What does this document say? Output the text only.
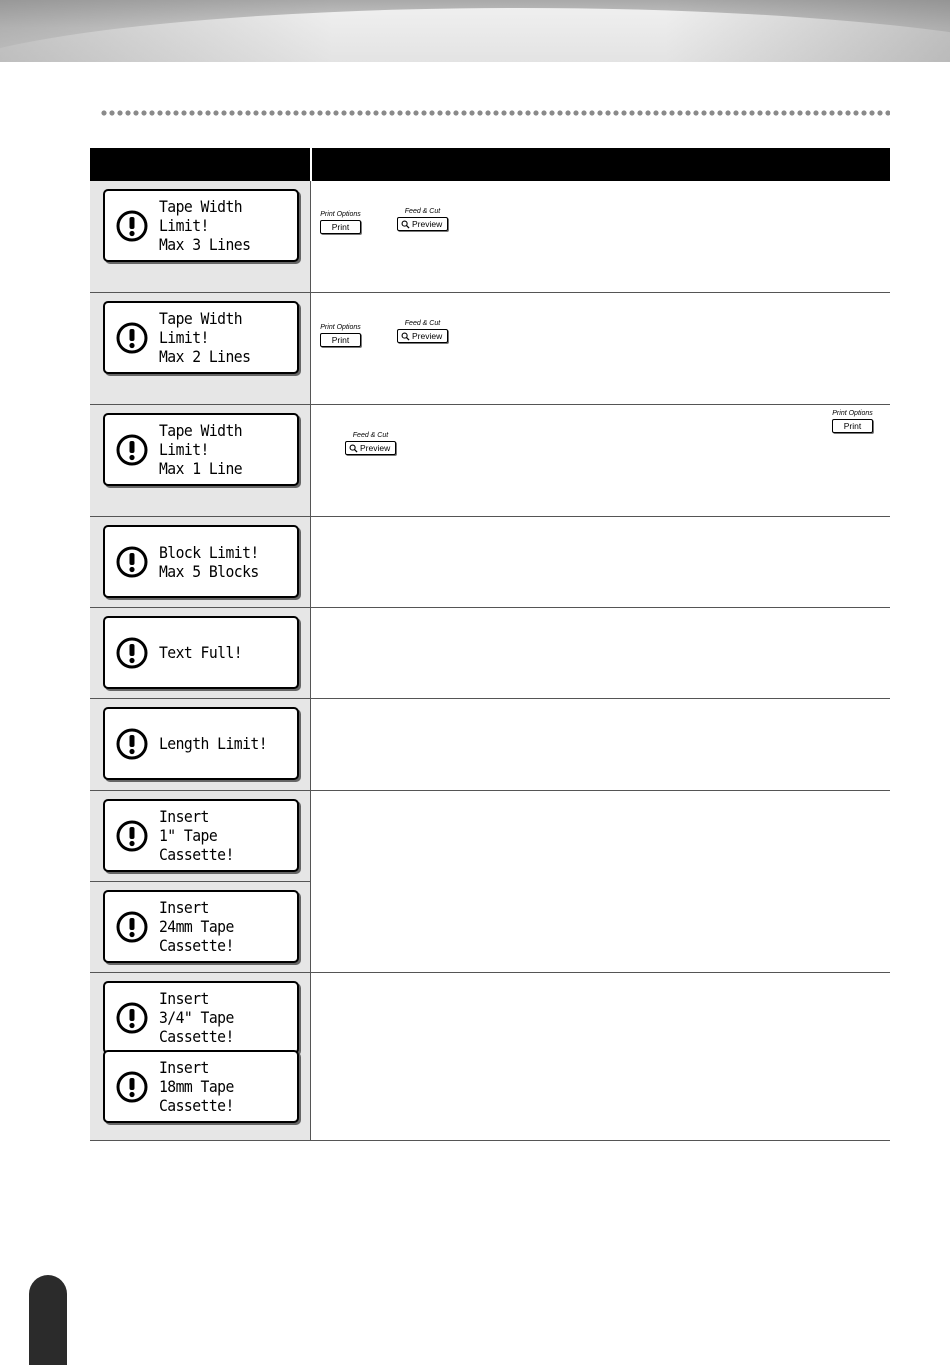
Tape Width
Limit!
Max 3 Lines
Print Options
Print
Feed & Cut
Preview
Tape Width
Limit!
Max 2 Lines
Print Options
Print
Feed & Cut
Preview
Tape Width
Limit!
Max 1 Line
Print Options
Print
Feed & Cut
Preview
Block Limit!
Max 5 Blocks
Text Full!
Length Limit!
Insert
1" Tape
Cassette!
Insert
24mm Tape
Cassette!
Insert
3/4" Tape
Cassette!
Insert
18mm Tape
Cassette!
